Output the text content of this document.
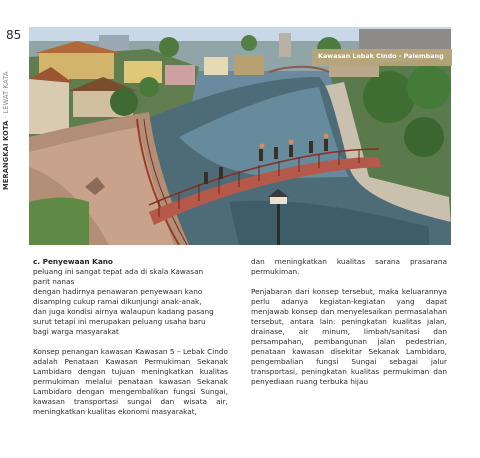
85
MERANGKAI KOTA · LEWAT KATA
Kawasan Lebak Cindo - Palembang
c. Penyewaan Kano
peluang ini sangat tepat ada di skala Kawasan
parit nanas
dengan hadirnya penawaran penyewaan kano
disamping cukup ramai dikunjungi anak-anak,
dan juga kondisi airnya walaupun kadang pasang
surut tetapi ini merupakan peluang usaha baru
bagi warga masyarakat

Konsep penangan kawasan Kawasan 5 – Lebak Cindo adalah Penataan Kawasan Permukiman Sekanak Lambidaro dengan tujuan meningkatkan kualitas permukiman melalui penataan kawasan Sekanak Lambidaro dengan mengembalikan fungsi Sungai, kawasan transportasi sungai dan wisata air, meningkatkan kualitas ekonomi masyarakat,

dan meningkatkan kualitas sarana prasarana permukiman.

Penjabaran dari konsep tersebut, maka keluarannya perlu adanya kegiatan-kegiatan yang dapat menjawab konsep dan menyelesaikan permasalahan tersebut, antara lain: peningkatan kualitas jalan, drainase, air minum, limbah/sanitasi dan persampahan, pembangunan jalan pedestrian, penataan kawasan disekitar Sekanak Lambidaro, pengembalian fungsi Sungai sebagai jalur transportasi, peningkatan kualitas permukiman dan penyediaan ruang terbuka hijau
